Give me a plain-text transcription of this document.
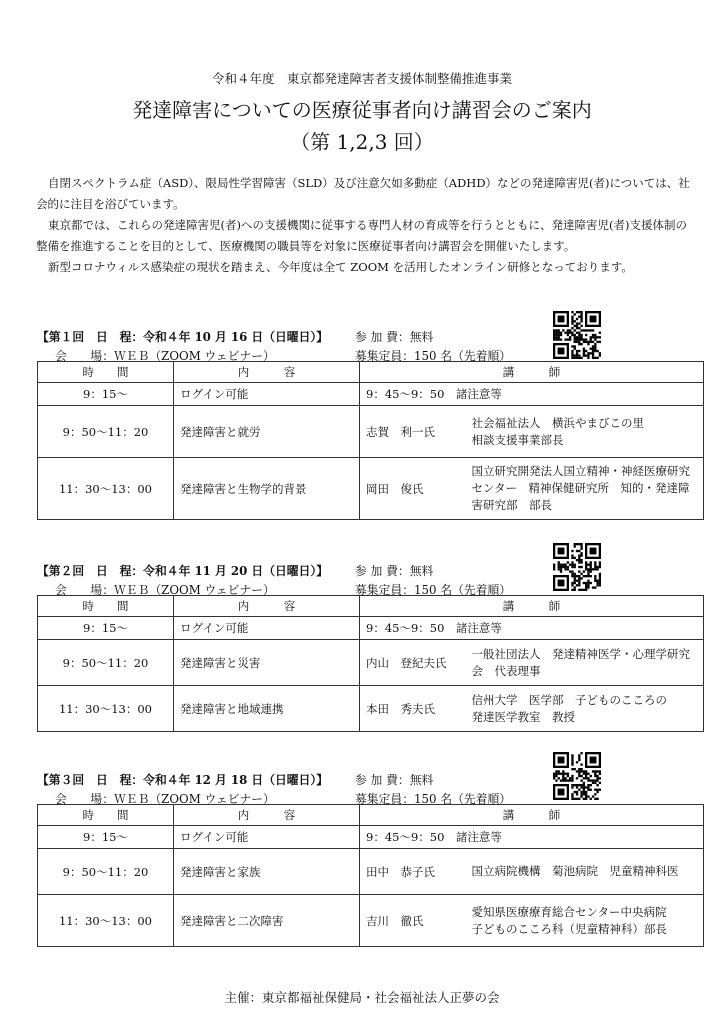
令和４年度　東京都発達障害者支援体制整備推進事業
発達障害についての医療従事者向け講習会のご案内
（第 1,2,3 回）

自閉スペクトラム症（ASD）、限局性学習障害（SLD）及び注意欠如多動症（ADHD）などの発達障害児(者)については、社会的に注目を浴びています。

東京都では、これらの発達障害児(者)への支援機関に従事する専門人材の育成等を行うとともに、発達障害児(者)支援体制の整備を推進することを目的として、医療機関の職員等を対象に医療従事者向け講習会を開催いたします。

新型コロナウィルス感染症の現状を踏まえ、今年度は全て ZOOM を活用したオンライン研修となっております。

【第１回　日　程：令和４年 10 月 16 日（日曜日）】 参 加 費：無料
会　　場：ＷＥＢ（ZOOM ウェビナー）	募集定員：150 名（先着順）
時　　間	内　　　容	講　　　師	
9：15～	ログイン可能	9：45～9：50　諸注意等	
9：50～11：20	発達障害と就労	志賀　利一氏	社会福祉法人　横浜やまびこの里
相談支援事業部長
11：30～13：00	発達障害と生物学的背景	岡田　俊氏	国立研究開発法人国立精神・神経医療研究センター　精神保健研究所　知的・発達障害研究部　部長
【第２回　日　程：令和４年 11 月 20 日（日曜日）】 参 加 費：無料
会　　場：ＷＥＢ（ZOOM ウェビナー）	募集定員：150 名（先着順）
時　　間	内　　　容	講　　　師	
9：15～	ログイン可能	9：45～9：50　諸注意等	
9：50～11：20	発達障害と災害	内山　登紀夫氏	一般社団法人　発達精神医学・心理学研究会　代表理事
11：30～13：00	発達障害と地域連携	本田　秀夫氏	信州大学　医学部　子どものこころの
発達医学教室　教授
【第３回　日　程：令和４年 12 月 18 日（日曜日）】 参 加 費：無料
会　　場：ＷＥＢ（ZOOM ウェビナー）	募集定員：150 名（先着順）
時　　間	内　　　容	講　　　師	
9：15～	ログイン可能	9：45～9：50　諸注意等	
9：50～11：20	発達障害と家族	田中　恭子氏	国立病院機構　菊池病院　児童精神科医
11：30～13：00	発達障害と二次障害	吉川　徹氏	愛知県医療療育総合センター中央病院
子どものこころ科（児童精神科）部長
主催：東京都福祉保健局・社会福祉法人正夢の会
